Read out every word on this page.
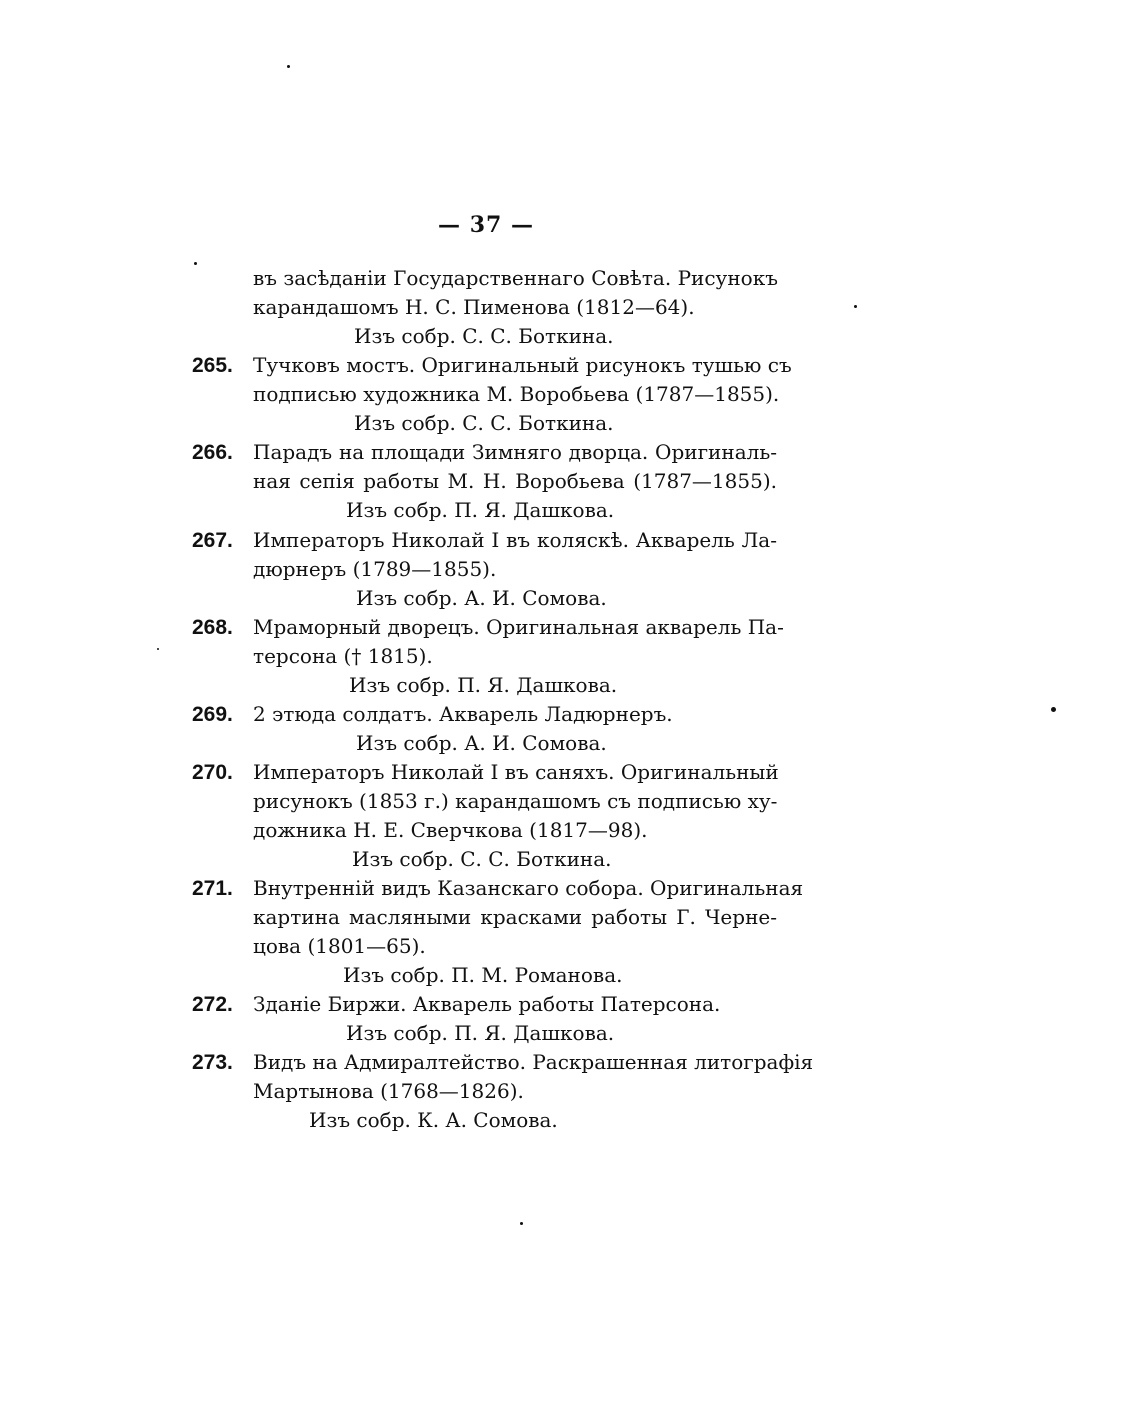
— 37 —
въ засѣданіи Государственнаго Совѣта. Рисунокъ
карандашомъ Н. С. Пименова (1812—64).
Изъ собр. С. С. Боткина.
265.	Тучковъ мостъ. Оригинальный рисунокъ тушью съ
подписью художника М. Воробьева (1787—1855).
Изъ собр. С. С. Боткина.
266.	Парадъ на площади Зимняго дворца. Оригиналь-
ная сепія работы М. Н. Воробьева (1787—1855).
Изъ собр. П. Я. Дашкова.
267.	Императоръ Николай I въ коляскѣ. Акварель Ла-
дюрнеръ (1789—1855).
Изъ собр. А. И. Сомова.
268.	Мраморный дворецъ. Оригинальная акварель Па-
терсона († 1815).
Изъ собр. П. Я. Дашкова.
269.	2 этюда солдатъ. Акварель Ладюрнеръ.
Изъ собр. А. И. Сомова.
270.	Императоръ Николай I въ саняхъ. Оригинальный
рисунокъ (1853 г.) карандашомъ съ подписью ху-
дожника Н. Е. Сверчкова (1817—98).
Изъ собр. С. С. Боткина.
271.	Внутренній видъ Казанскаго собора. Оригинальная
картина масляными красками работы Г. Черне-
цова (1801—65).
Изъ собр. П. М. Романова.
272.	Зданіе Биржи. Акварель работы Патерсона.
Изъ собр. П. Я. Дашкова.
273.	Видъ на Адмиралтейство. Раскрашенная литографія
Мартынова (1768—1826).
Изъ собр. К. А. Сомова.
